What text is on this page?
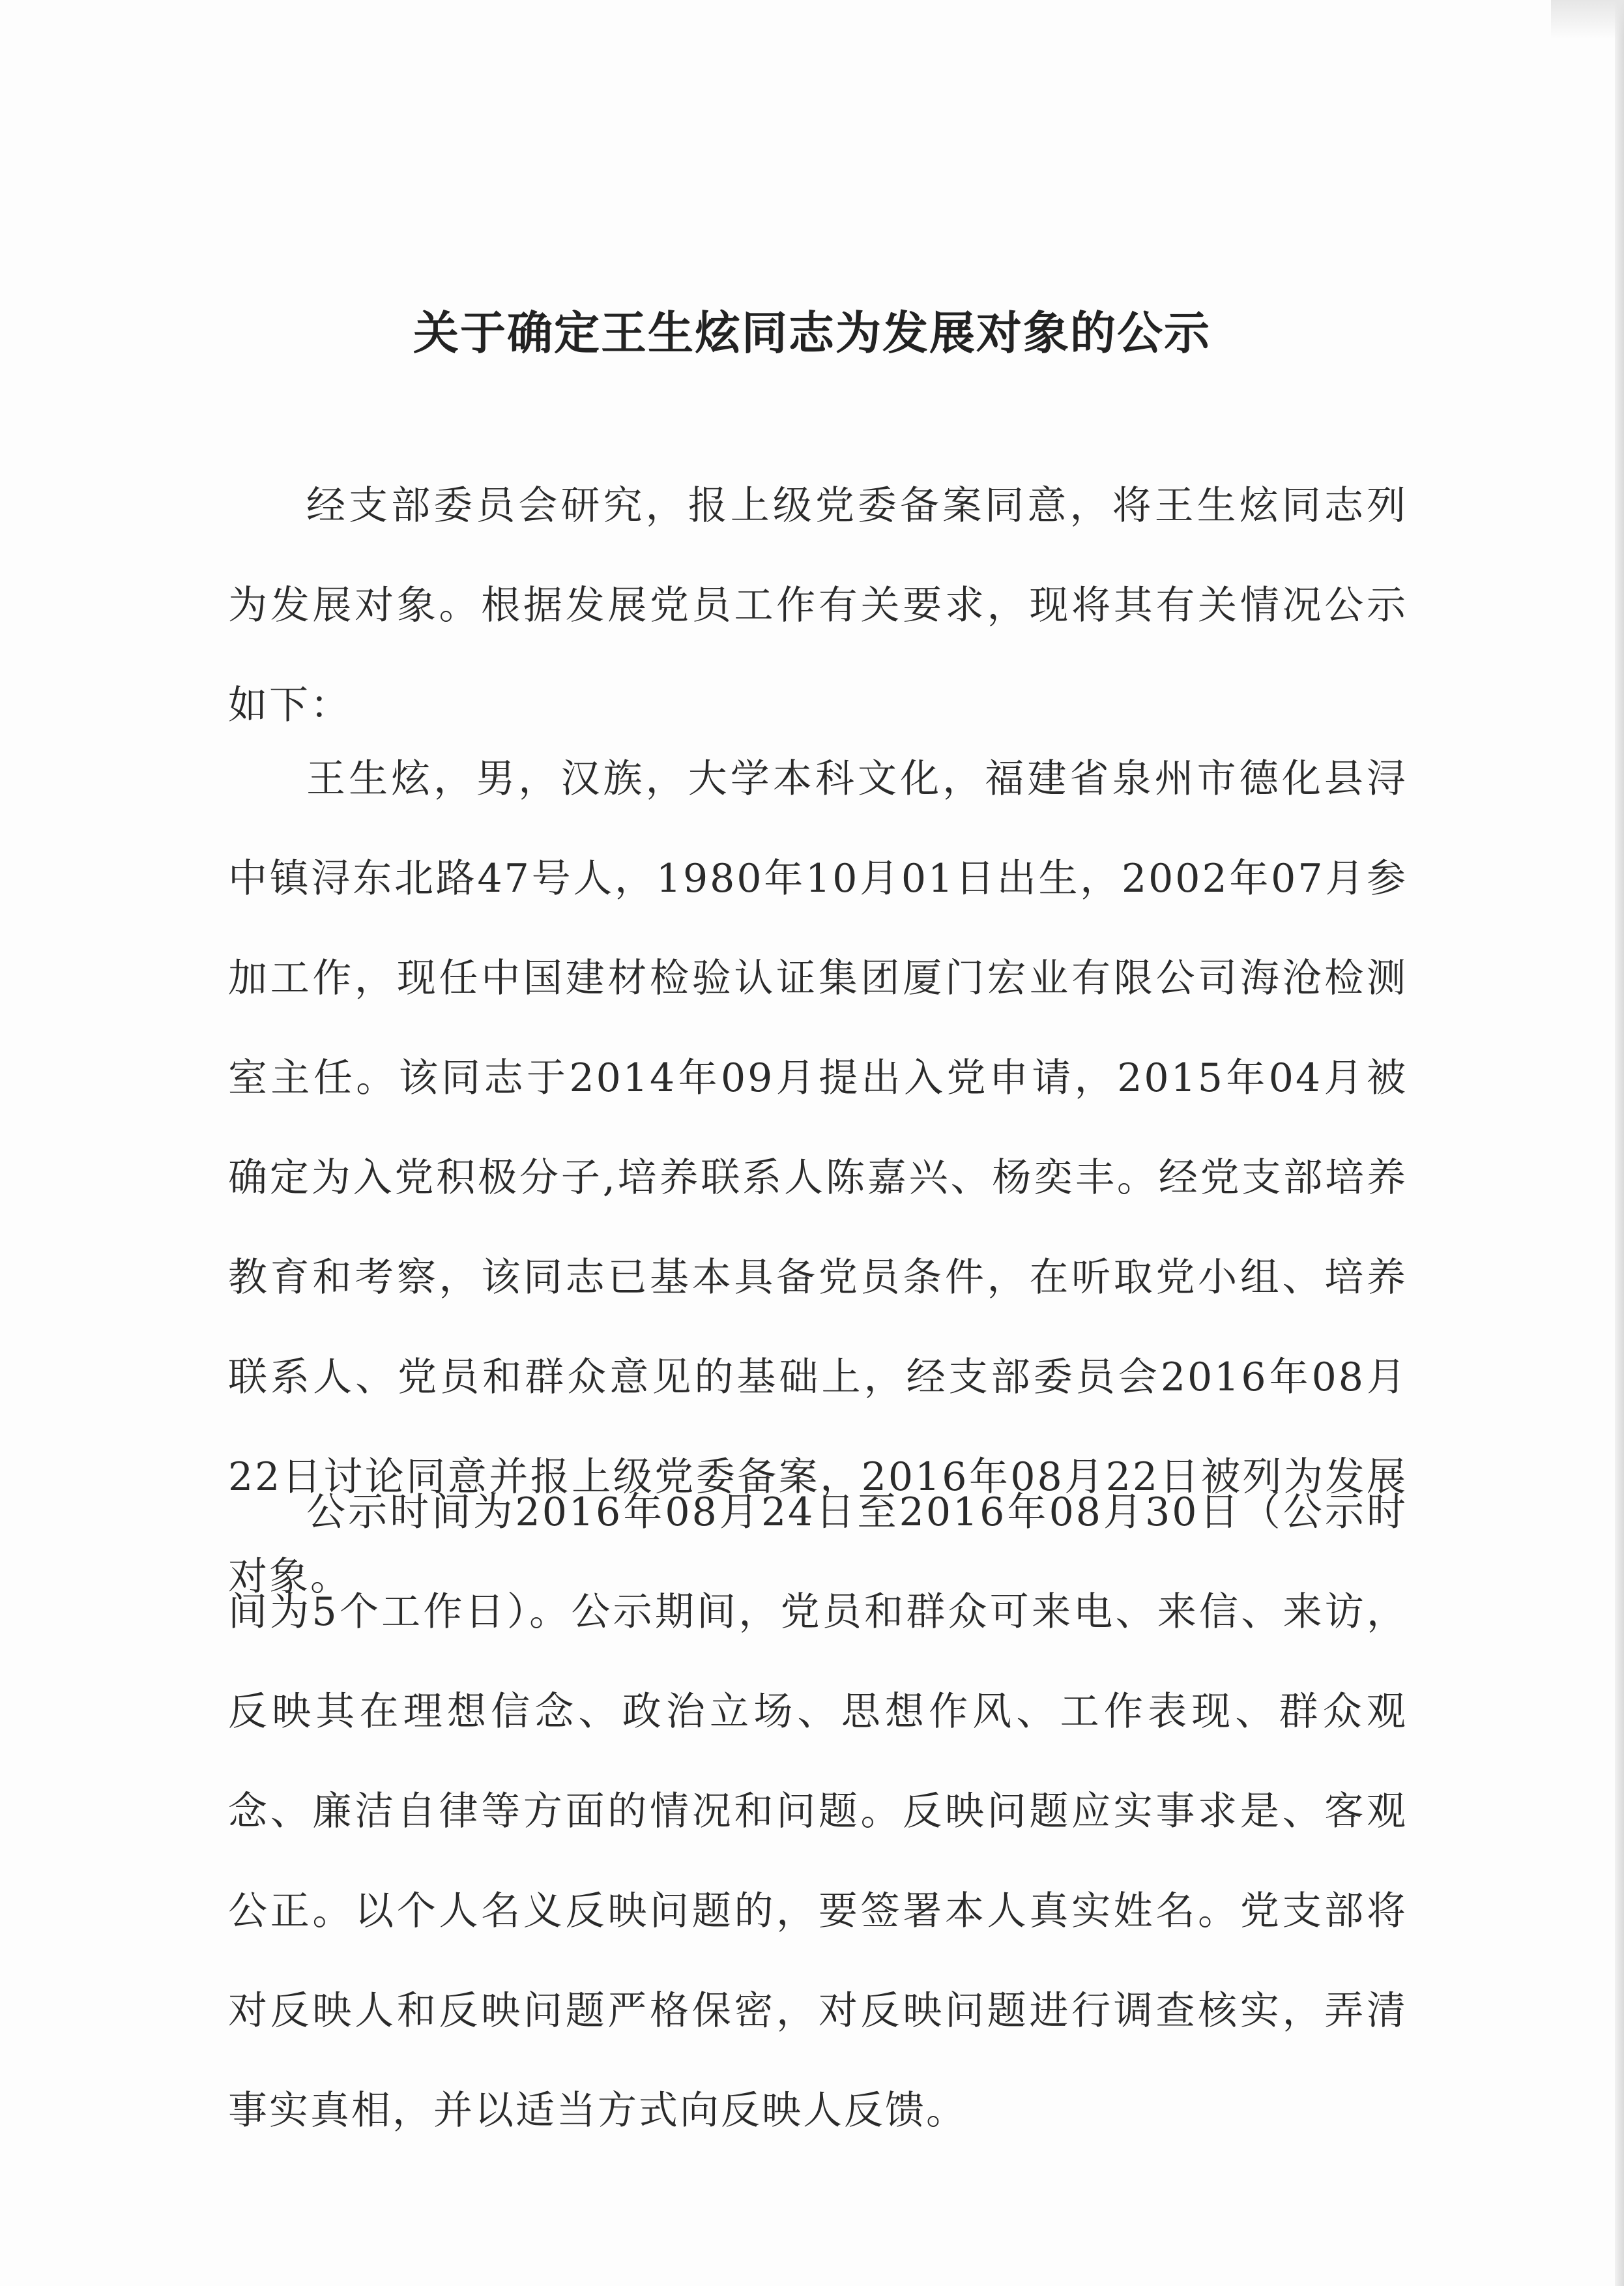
关于确定王生炫同志为发展对象的公示

经支部委员会研究，报上级党委备案同意，将王生炫同志列为发展对象。根据发展党员工作有关要求，现将其有关情况公示如下：

王生炫，男，汉族，大学本科文化，福建省泉州市德化县浔中镇浔东北路47号人，1980年10月01日出生，2002年07月参加工作，现任中国建材检验认证集团厦门宏业有限公司海沧检测室主任。该同志于2014年09月提出入党申请，2015年04月被确定为入党积极分子,培养联系人陈嘉兴、杨奕丰。经党支部培养教育和考察，该同志已基本具备党员条件，在听取党小组、培养联系人、党员和群众意见的基础上，经支部委员会2016年08月22日讨论同意并报上级党委备案，2016年08月22日被列为发展对象。

公示时间为2016年08月24日至2016年08月30日（公示时间为5个工作日）。公示期间，党员和群众可来电、来信、来访，反映其在理想信念、政治立场、思想作风、工作表现、群众观念、廉洁自律等方面的情况和问题。反映问题应实事求是、客观公正。以个人名义反映问题的，要签署本人真实姓名。党支部将对反映人和反映问题严格保密，对反映问题进行调查核实，弄清事实真相，并以适当方式向反映人反馈。
